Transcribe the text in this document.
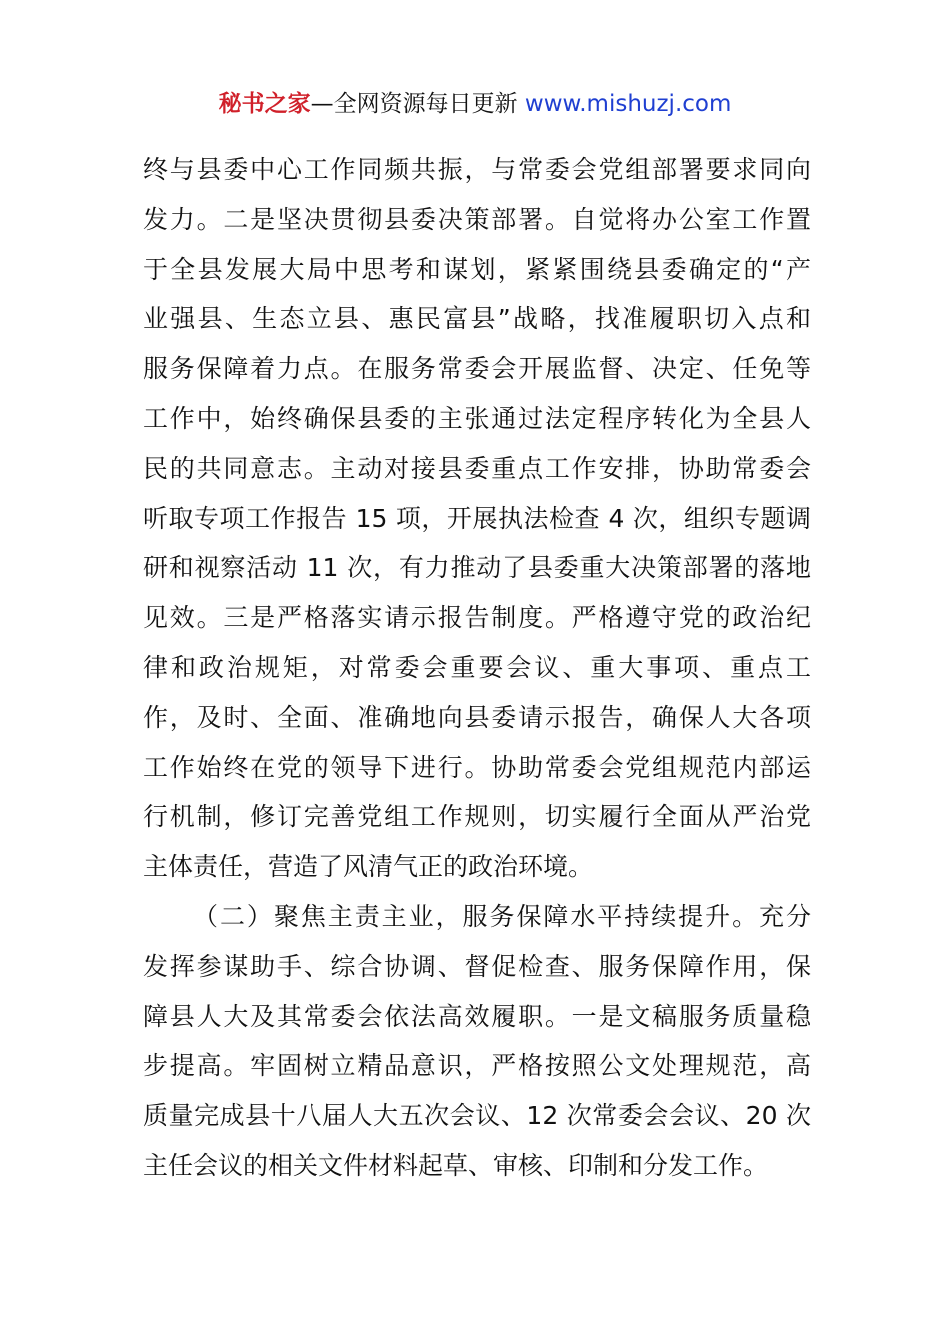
秘书之家—全网资源每日更新 www.mishuzj.com
终与县委中心工作同频共振，与常委会党组部署要求同向
发力。二是坚决贯彻县委决策部署。自觉将办公室工作置
于全县发展大局中思考和谋划，紧紧围绕县委确定的“产
业强县、生态立县、惠民富县”战略，找准履职切入点和
服务保障着力点。在服务常委会开展监督、决定、任免等
工作中，始终确保县委的主张通过法定程序转化为全县人
民的共同意志。主动对接县委重点工作安排，协助常委会
听取专项工作报告 15 项，开展执法检查 4 次，组织专题调
研和视察活动 11 次，有力推动了县委重大决策部署的落地
见效。三是严格落实请示报告制度。严格遵守党的政治纪
律和政治规矩，对常委会重要会议、重大事项、重点工
作，及时、全面、准确地向县委请示报告，确保人大各项
工作始终在党的领导下进行。协助常委会党组规范内部运
行机制，修订完善党组工作规则，切实履行全面从严治党
主体责任，营造了风清气正的政治环境。
（二）聚焦主责主业，服务保障水平持续提升。充分
发挥参谋助手、综合协调、督促检查、服务保障作用，保
障县人大及其常委会依法高效履职。一是文稿服务质量稳
步提高。牢固树立精品意识，严格按照公文处理规范，高
质量完成县十八届人大五次会议、12 次常委会会议、20 次
主任会议的相关文件材料起草、审核、印制和分发工作。
